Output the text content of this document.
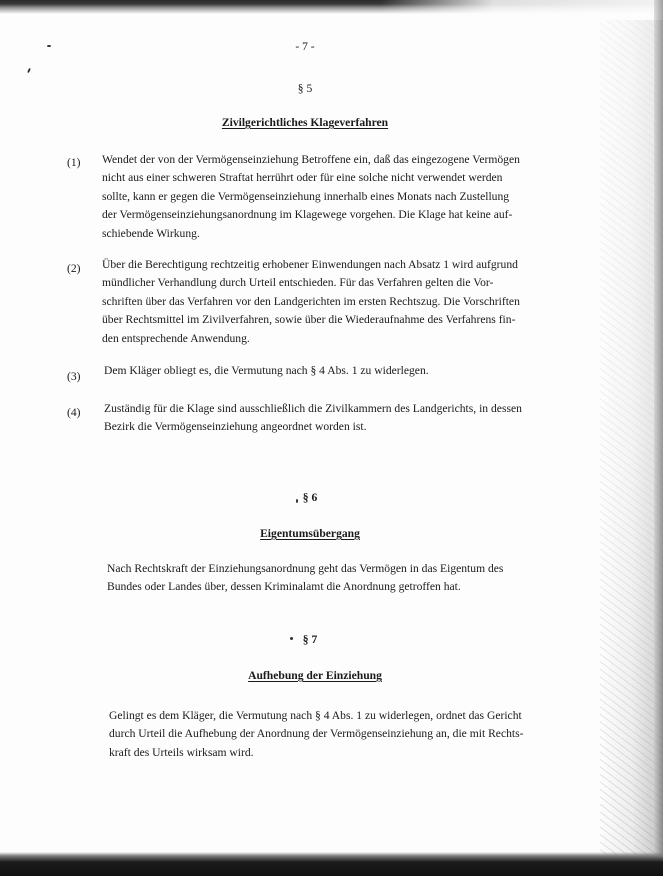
- 7 -
§ 5
Zivilgerichtliches Klageverfahren
(1) Wendet der von der Vermögenseinziehung Betroffene ein, daß das eingezogene Vermögen
nicht aus einer schweren Straftat herrührt oder für eine solche nicht verwendet werden
sollte, kann er gegen die Vermögenseinziehung innerhalb eines Monats nach Zustellung
der Vermögenseinziehungsanordnung im Klagewege vorgehen. Die Klage hat keine auf-
schiebende Wirkung.
(2) Über die Berechtigung rechtzeitig erhobener Einwendungen nach Absatz 1 wird aufgrund
mündlicher Verhandlung durch Urteil entschieden. Für das Verfahren gelten die Vor-
schriften über das Verfahren vor den Landgerichten im ersten Rechtszug. Die Vorschriften
über Rechtsmittel im Zivilverfahren, sowie über die Wiederaufnahme des Verfahrens fin-
den entsprechende Anwendung.
(3) Dem Kläger obliegt es, die Vermutung nach § 4 Abs. 1 zu widerlegen.
(4) Zuständig für die Klage sind ausschließlich die Zivilkammern des Landgerichts, in dessen
Bezirk die Vermögenseinziehung angeordnet worden ist.
§ 6
Eigentumsübergang
Nach Rechtskraft der Einziehungsanordnung geht das Vermögen in das Eigentum des
Bundes oder Landes über, dessen Kriminalamt die Anordnung getroffen hat.
§ 7
Aufhebung der Einziehung
Gelingt es dem Kläger, die Vermutung nach § 4 Abs. 1 zu widerlegen, ordnet das Gericht
durch Urteil die Aufhebung der Anordnung der Vermögenseinziehung an, die mit Rechts-
kraft des Urteils wirksam wird.
